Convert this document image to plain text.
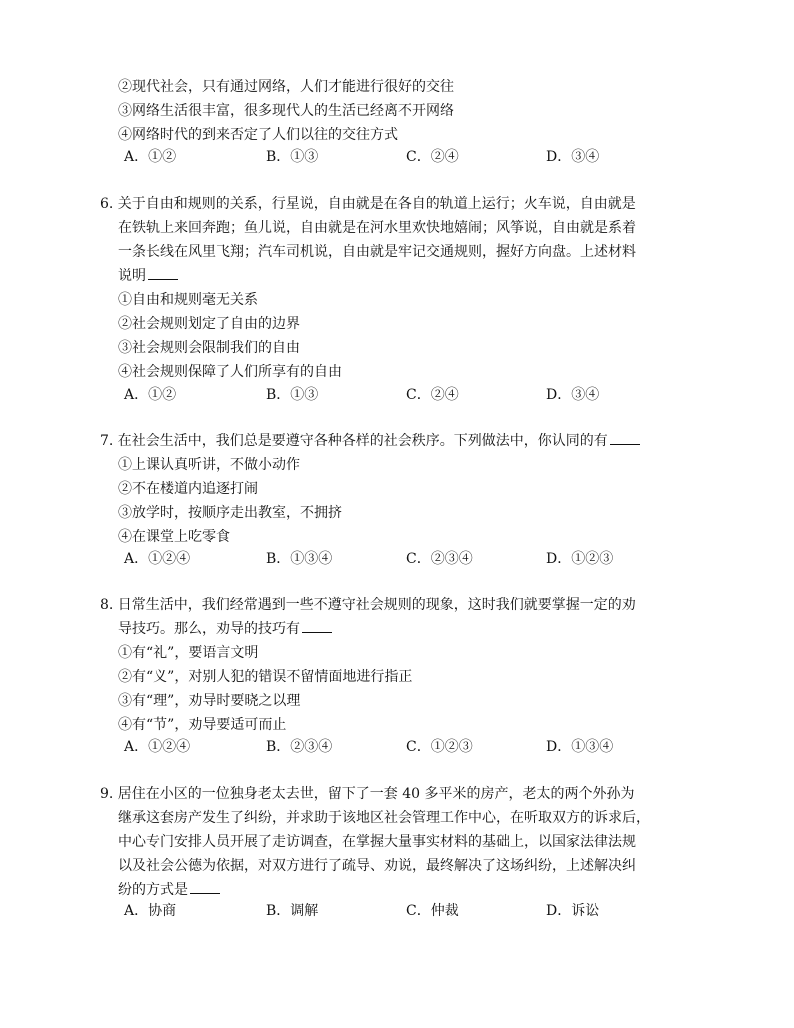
②现代社会，只有通过网络，人们才能进行很好的交往
③网络生活很丰富，很多现代人的生活已经离不开网络
④网络时代的到来否定了人们以往的交往方式
A．①②	B．①③	C．②④	D．③④
6. 关于自由和规则的关系，行星说，自由就是在各自的轨道上运行；火车说，自由就是
在铁轨上来回奔跑；鱼儿说，自由就是在河水里欢快地嬉闹；风筝说，自由就是系着
一条长线在风里飞翔；汽车司机说，自由就是牢记交通规则，握好方向盘。上述材料
说明
①自由和规则毫无关系
②社会规则划定了自由的边界
③社会规则会限制我们的自由
④社会规则保障了人们所享有的自由
A．①②	B．①③	C．②④	D．③④
7. 在社会生活中，我们总是要遵守各种各样的社会秩序。下列做法中，你认同的有
①上课认真听讲，不做小动作
②不在楼道内追逐打闹
③放学时，按顺序走出教室，不拥挤
④在课堂上吃零食
A．①②④	B．①③④	C．②③④	D．①②③
8. 日常生活中，我们经常遇到一些不遵守社会规则的现象，这时我们就要掌握一定的劝
导技巧。那么，劝导的技巧有
①有“礼”，要语言文明
②有“义”，对别人犯的错误不留情面地进行指正
③有“理”，劝导时要晓之以理
④有“节”，劝导要适可而止
A．①②④	B．②③④	C．①②③	D．①③④
9. 居住在小区的一位独身老太去世，留下了一套 40 多平米的房产，老太的两个外孙为
继承这套房产发生了纠纷，并求助于该地区社会管理工作中心，在听取双方的诉求后，
中心专门安排人员开展了走访调查，在掌握大量事实材料的基础上，以国家法律法规
以及社会公德为依据，对双方进行了疏导、劝说，最终解决了这场纠纷，上述解决纠
纷的方式是
A．协商	B．调解	C．仲裁	D．诉讼
